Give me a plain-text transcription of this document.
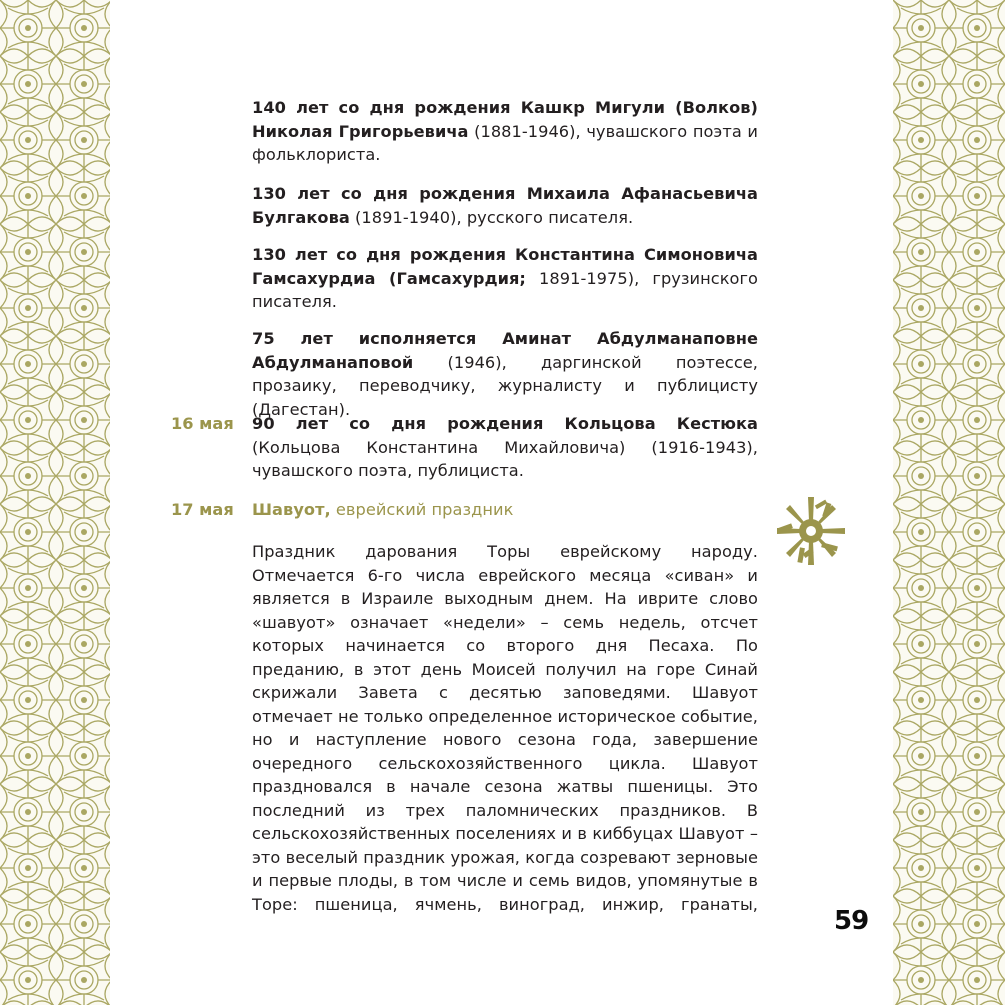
140 лет со дня рождения Кашкр Мигули (Волков) Николая Григорьевича (1881-1946), чувашского поэта и фольклориста.

130 лет со дня рождения Михаила Афанасьевича Булгакова (1891-1940), русского писателя.

130 лет со дня рождения Константина Симоновича Гамсахурдиа (Гамсахурдия; 1891-1975), грузинского писателя.

75 лет исполняется Аминат Абдулманаповне Абдулманаповой (1946), даргинской поэтессе, прозаику, переводчику, журналисту и публицисту (Дагестан).

16 мая 90 лет со дня рождения Кольцова Кестюка (Кольцова Константина Михайловича) (1916-1943), чувашского поэта, публициста.

17 мая Шавуот, еврейский праздник

Праздник дарования Торы еврейскому народу. Отмечается 6-го числа еврейского месяца «сиван» и является в Израиле выходным днем. На иврите слово «шавуот» означает «недели» – семь недель, отсчет которых начинается со второго дня Песаха. По преданию, в этот день Моисей получил на горе Синай скрижали Завета с десятью заповедями. Шавуот отмечает не только определенное историческое событие, но и наступление нового сезона года, завершение очередного сельскохозяйственного цикла. Шавуот праздновался в начале сезона жатвы пшеницы. Это последний из трех паломнических праздников. В сельскохозяйственных поселениях и в киббуцах Шавуот – это веселый праздник урожая, когда созревают зерновые и первые плоды, в том числе и семь видов, упомянутые в Торе: пшеница, ячмень, виноград, инжир, гранаты,

59
